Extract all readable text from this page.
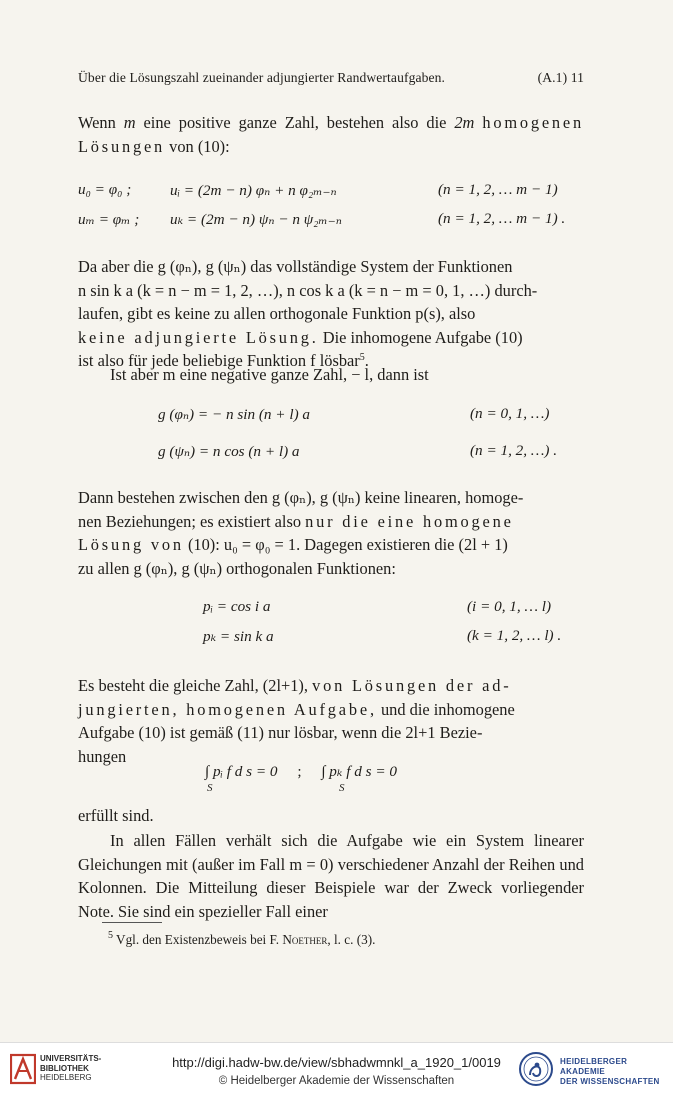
Über die Lösungszahl zueinander adjungierter Randwertaufgaben.	(A.1) 11
Wenn m eine positive ganze Zahl, bestehen also die 2m homogenen Lösungen von (10):
u₀ = φ₀ ;	uᵢ = (2m − n) φₙ + n φ₂ₘ₋ₙ	(n = 1, 2, … m − 1)
uₘ = φₘ ; uₖ = (2m − n) ψₙ − n ψ₂ₘ₋ₙ	(n = 1, 2, … m − 1) .
Da aber die g (φₙ), g (ψₙ) das vollständige System der Funktionen
n sin k a (k = n − m = 1, 2, …), n cos k a (k = n − m = 0, 1, …) durch-
laufen, gibt es keine zu allen orthogonale Funktion p(s), also
keine adjungierte Lösung. Die inhomogene Aufgabe (10)
ist also für jede beliebige Funktion f lösbar$^5$.
Ist aber m eine negative ganze Zahl, − l, dann ist
g (φₙ) = − n sin (n + l) a	(n = 0, 1, …)
g (ψₙ) = n cos (n + l) a	(n = 1, 2, …) .
Dann bestehen zwischen den g (φₙ), g (ψₙ) keine linearen, homoge-
nen Beziehungen; es existiert also nur die eine homogene
Lösung von (10): u₀ = φ₀ = 1. Dagegen existieren die (2l + 1)
zu allen g (φₙ), g (ψₙ) orthogonalen Funktionen:
pᵢ = cos i a	(i = 0, 1, … l)
pₖ = sin k a	(k = 1, 2, … l) .
Es besteht die gleiche Zahl, (2l+1), von Lösungen der ad-
jungierten, homogenen Aufgabe, und die inhomogene
Aufgabe (10) ist gemäß (11) nur lösbar, wenn die 2l+1 Bezie-
hungen
∫ pᵢ f d s = 0 ; ∫ pₖ f d s = 0
S	S
erfüllt sind.
In allen Fällen verhält sich die Aufgabe wie ein System linearer Gleichungen mit (außer im Fall m = 0) verschiedener Anzahl der Reihen und Kolonnen. Die Mitteilung dieser Beispiele war der Zweck vorliegender Note. Sie sind ein spezieller Fall einer
$^5$ Vgl. den Existenzbeweis bei F. Noether, l. c. (3).
UNIVERSITÄTS-
BIBLIOTHEK
HEIDELBERG
http://digi.hadw-bw.de/view/sbhadwmnkl_a_1920_1/0019
© Heidelberger Akademie der Wissenschaften
HEIDELBERGER AKADEMIE
DER WISSENSCHAFTEN
